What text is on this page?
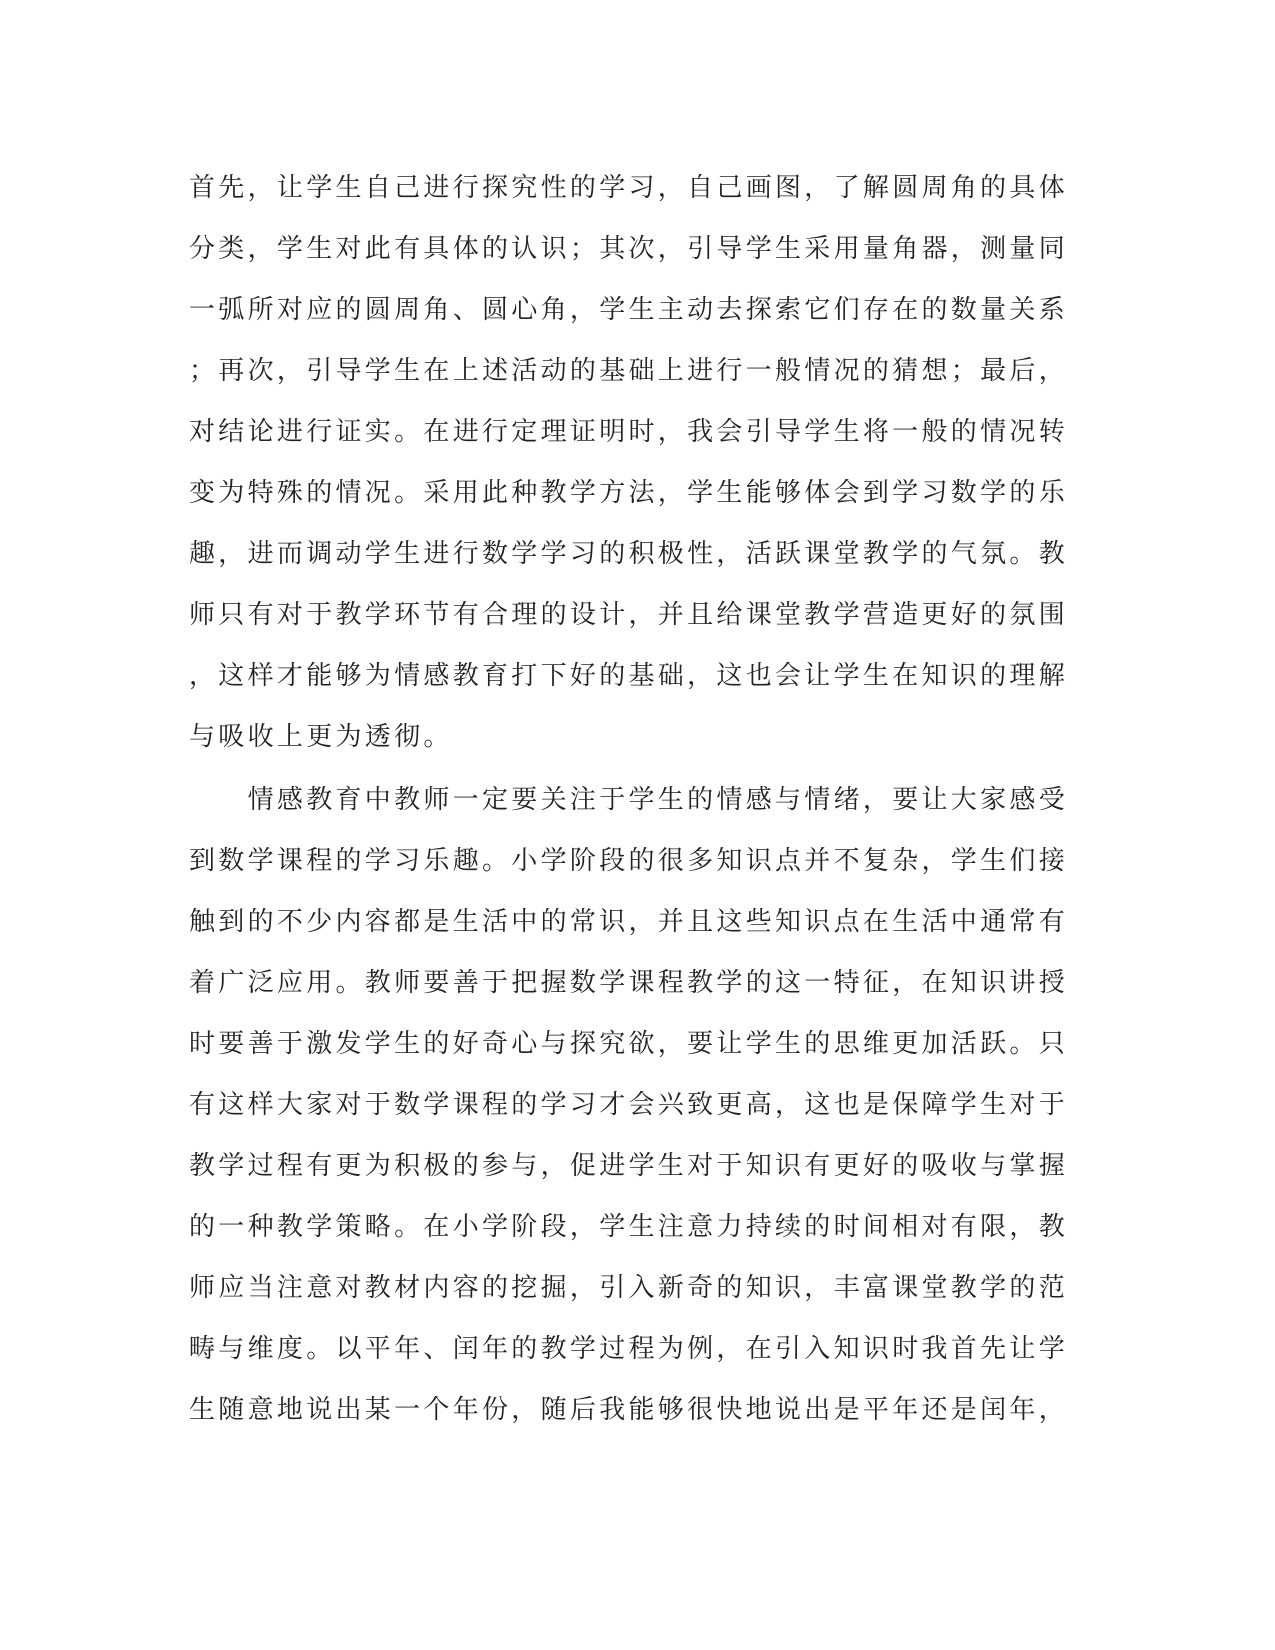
首先，让学生自己进行探究性的学习，自己画图，了解圆周角的具体
分类，学生对此有具体的认识；其次，引导学生采用量角器，测量同
一弧所对应的圆周角、圆心角，学生主动去探索它们存在的数量关系
；再次，引导学生在上述活动的基础上进行一般情况的猜想；最后，
对结论进行证实。在进行定理证明时，我会引导学生将一般的情况转
变为特殊的情况。采用此种教学方法，学生能够体会到学习数学的乐
趣，进而调动学生进行数学学习的积极性，活跃课堂教学的气氛。教
师只有对于教学环节有合理的设计，并且给课堂教学营造更好的氛围
，这样才能够为情感教育打下好的基础，这也会让学生在知识的理解
与吸收上更为透彻。
　　情感教育中教师一定要关注于学生的情感与情绪，要让大家感受
到数学课程的学习乐趣。小学阶段的很多知识点并不复杂，学生们接
触到的不少内容都是生活中的常识，并且这些知识点在生活中通常有
着广泛应用。教师要善于把握数学课程教学的这一特征，在知识讲授
时要善于激发学生的好奇心与探究欲，要让学生的思维更加活跃。只
有这样大家对于数学课程的学习才会兴致更高，这也是保障学生对于
教学过程有更为积极的参与，促进学生对于知识有更好的吸收与掌握
的一种教学策略。在小学阶段，学生注意力持续的时间相对有限，教
师应当注意对教材内容的挖掘，引入新奇的知识，丰富课堂教学的范
畴与维度。以平年、闰年的教学过程为例，在引入知识时我首先让学
生随意地说出某一个年份，随后我能够很快地说出是平年还是闰年，
